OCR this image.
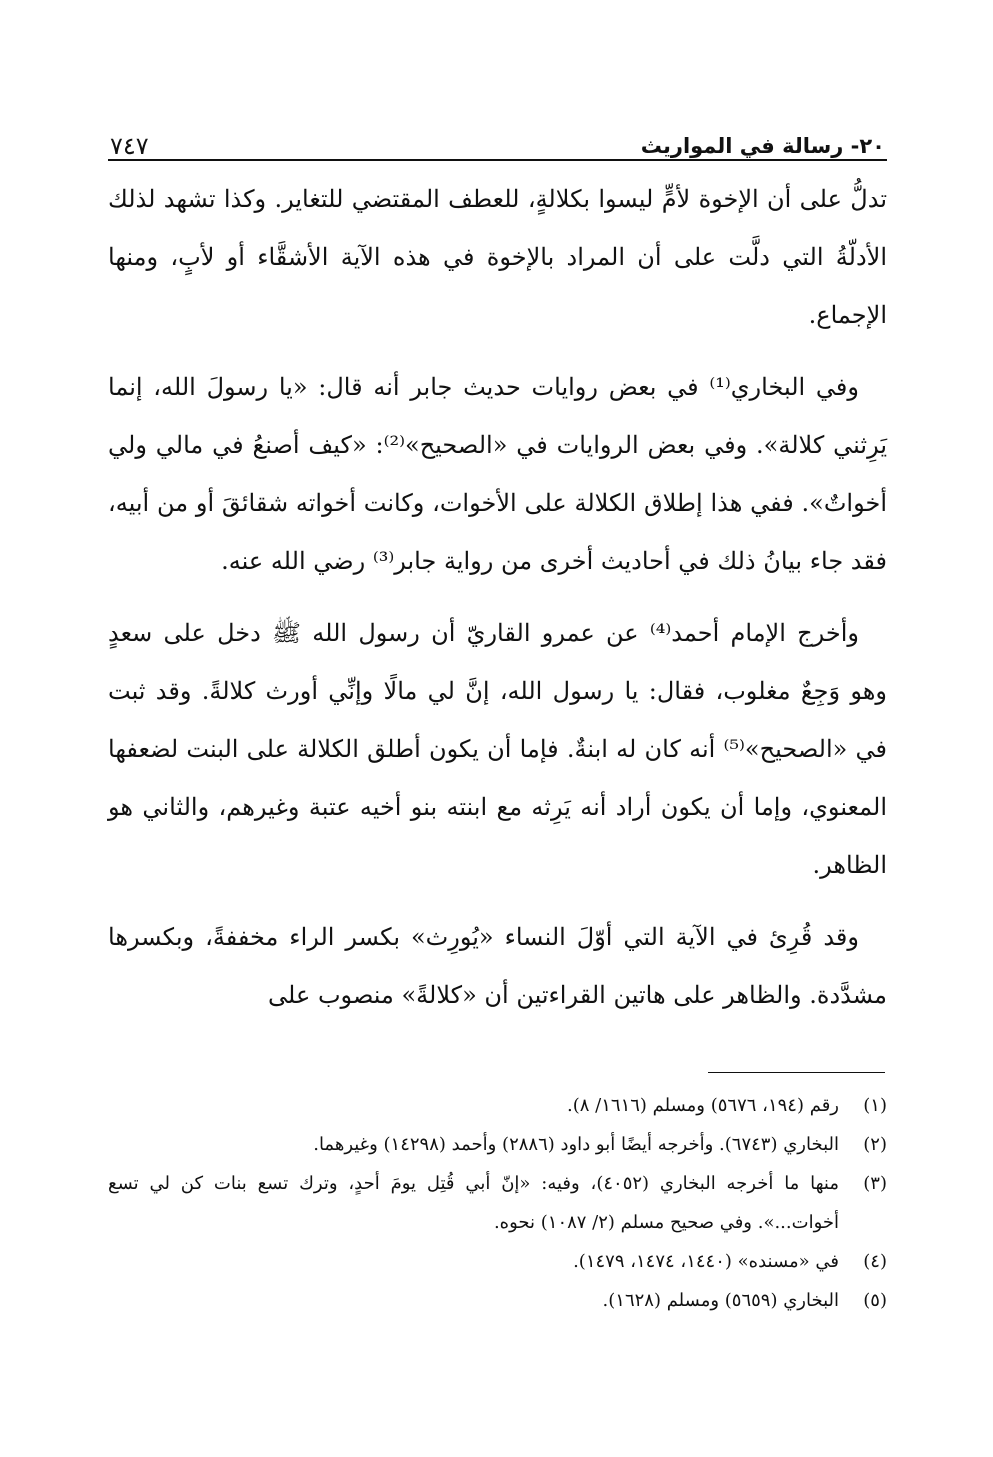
٢٠- رسالة في المواريث
٧٤٧

تدلُّ على أن الإخوة لأمٍّ ليسوا بكلالةٍ، للعطف المقتضي للتغاير. وكذا تشهد لذلك الأدلّةُ التي دلَّت على أن المراد بالإخوة في هذه الآية الأشقَّاء أو لأبٍ، ومنها الإجماع.

وفي البخاري⁽¹⁾ في بعض روايات حديث جابر أنه قال: «يا رسولَ الله، إنما يَرِثني كلالة». وفي بعض الروايات في «الصحيح»⁽²⁾: «كيف أصنعُ في مالي ولي أخواتٌ». ففي هذا إطلاق الكلالة على الأخوات، وكانت أخواته شقائقَ أو من أبيه، فقد جاء بيانُ ذلك في أحاديث أخرى من رواية جابر⁽³⁾ رضي الله عنه.

وأخرج الإمام أحمد⁽⁴⁾ عن عمرو القاريّ أن رسول الله ﷺ دخل على سعدٍ وهو وَجِعٌ مغلوب، فقال: يا رسول الله، إنَّ لي مالًا وإنِّي أورث كلالةً. وقد ثبت في «الصحيح»⁽⁵⁾ أنه كان له ابنةٌ. فإما أن يكون أطلق الكلالة على البنت لضعفها المعنوي، وإما أن يكون أراد أنه يَرِثه مع ابنته بنو أخيه عتبة وغيرهم، والثاني هو الظاهر.

وقد قُرِئ في الآية التي أوّلَ النساء «يُورِث» بكسر الراء مخففةً، وبكسرها مشدَّدة. والظاهر على هاتين القراءتين أن «كلالةً» منصوب على

(١)
رقم (١٩٤، ٥٦٧٦) ومسلم (١٦١٦/ ٨).
(٢)
البخاري (٦٧٤٣). وأخرجه أيضًا أبو داود (٢٨٨٦) وأحمد (١٤٢٩٨) وغيرهما.
(٣)
منها ما أخرجه البخاري (٤٠٥٢)، وفيه: «إنّ أبي قُتِل يومَ أحدٍ، وترك تسع بنات كن لي تسع أخوات...». وفي صحيح مسلم (٢/ ١٠٨٧) نحوه.
(٤)
في «مسنده» (١٤٤٠، ١٤٧٤، ١٤٧٩).
(٥)
البخاري (٥٦٥٩) ومسلم (١٦٢٨).
